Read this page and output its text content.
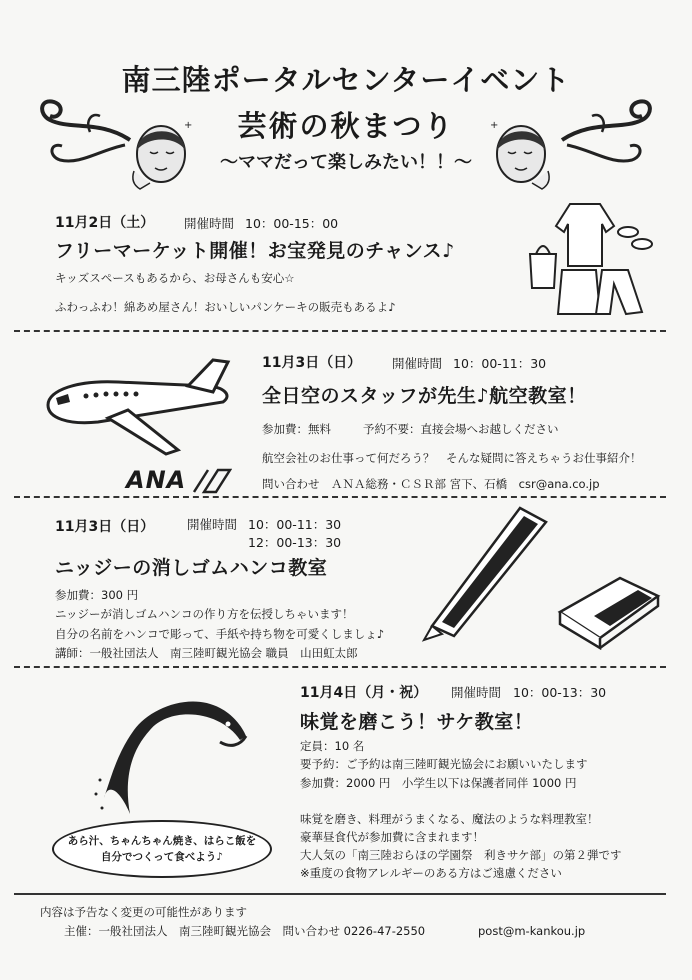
南三陸ポータルセンターイベント
芸術の秋まつり
～ママだって楽しみたい！！～
+	+
11月2日（土） 開催時間 10：00-15：00
フリーマーケット開催！お宝発見のチャンス♪
キッズスペースもあるから、お母さんも安心☆
ふわっふわ！綿あめ屋さん！おいしいパンケーキの販売もあるよ♪
11月3日（日） 開催時間 10：00-11：30
全日空のスタッフが先生♪航空教室！
参加費：無料	予約不要：直接会場へお越しください
航空会社のお仕事って何だろう？　そんな疑問に答えちゃうお仕事紹介！
問い合わせ　ＡＮＡ総務・ＣＳＲ部 宮下、石橋　csr@ana.co.jp
ANA
11月3日（日）	開催時間 10：00-11：30
12：00-13：30
ニッジーの消しゴムハンコ教室
参加費：300 円
ニッジーが消しゴムハンコの作り方を伝授しちゃいます！
自分の名前をハンコで彫って、手紙や持ち物を可愛くしましょ♪
講師：一般社団法人　南三陸町観光協会 職員　山田虹太郎
11月4日（月・祝） 開催時間 10：00-13：30
味覚を磨こう！サケ教室！
定員：10 名
要予約：ご予約は南三陸町観光協会にお願いいたします
参加費：2000 円　小学生以下は保護者同伴 1000 円
味覚を磨き、料理がうまくなる、魔法のような料理教室！
豪華昼食代が参加費に含まれます！
大人気の「南三陸おらほの学園祭　利きサケ部」の第２弾です
※重度の食物アレルギーのある方はご遠慮ください
あら汁、ちゃんちゃん焼き、はらこ飯を
自分でつくって食べよう♪
内容は予告なく変更の可能性があります
主催：一般社団法人　南三陸町観光協会　問い合わせ 0226-47-2550	post@m-kankou.jp
